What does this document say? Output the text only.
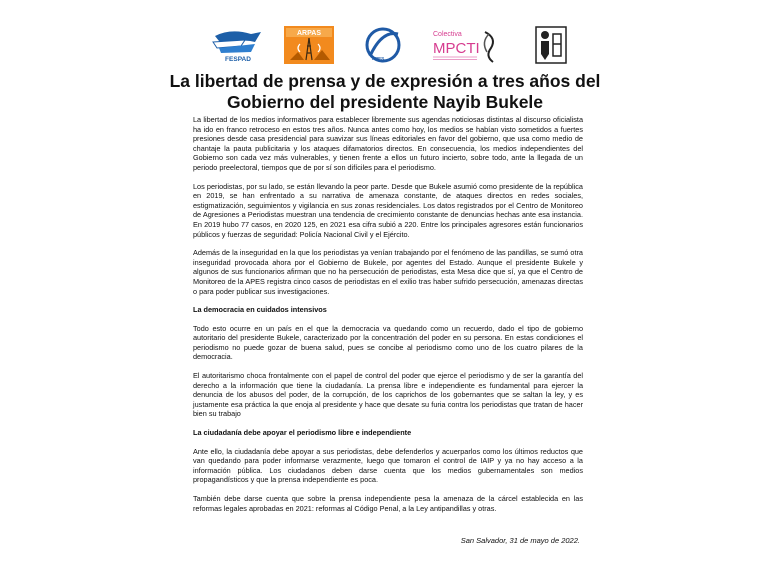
FESPAD
ARPAS
APES
Colectiva
MPCTI
La libertad de prensa y de expresión a tres años del Gobierno del presidente Nayib Bukele

La libertad de los medios informativos para establecer libremente sus agendas noticiosas distintas al discurso oficialista ha ido en franco retroceso en estos tres años. Nunca antes como hoy, los medios se habían visto sometidos a fuertes presiones desde casa presidencial para suavizar sus líneas editoriales en favor del gobierno, que usa como medio de chantaje la pauta publicitaria y los ataques difamatorios directos. En consecuencia, los medios independientes del Gobierno son cada vez más vulnerables, y tienen frente a ellos un futuro incierto, sobre todo, ante la llegada de un periodo preelectoral, tiempos que de por sí son difíciles para el periodismo.

Los periodistas, por su lado, se están llevando la peor parte. Desde que Bukele asumió como presidente de la república en 2019, se han enfrentado a su narrativa de amenaza constante, de ataques directos en redes sociales, estigmatización, seguimientos y vigilancia en sus zonas residenciales. Los datos registrados por el Centro de Monitoreo de Agresiones a Periodistas muestran una tendencia de crecimiento constante de denuncias hechas ante esa instancia. En 2019 hubo 77 casos, en 2020 125, en 2021 esa cifra subió a 220. Entre los principales agresores están funcionarios públicos y fuerzas de seguridad: Policía Nacional Civil y el Ejército.

Además de la inseguridad en la que los periodistas ya venían trabajando por el fenómeno de las pandillas, se sumó otra inseguridad provocada ahora por el Gobierno de Bukele, por agentes del Estado. Aunque el presidente Bukele y algunos de sus funcionarios afirman que no ha persecución de periodistas, esta Mesa dice que sí, ya que el Centro de Monitoreo de la APES registra cinco casos de periodistas en el exilio tras haber sufrido persecución, amenazas directas o para poder publicar sus investigaciones.

La democracia en cuidados intensivos

Todo esto ocurre en un país en el que la democracia va quedando como un recuerdo, dado el tipo de gobierno autoritario del presidente Bukele, caracterizado por la concentración del poder en su persona. En estas condiciones el periodismo no puede gozar de buena salud, pues se concibe al periodismo como uno de los cuatro pilares de la democracia.

El autoritarismo choca frontalmente con el papel de control del poder que ejerce el periodismo y de ser la garantía del derecho a la información que tiene la ciudadanía. La prensa libre e independiente es fundamental para ejercer la denuncia de los abusos del poder, de la corrupción, de los caprichos de los gobernantes que se saltan la ley, y es justamente esa práctica la que enoja al presidente y hace que desate su furia contra los periodistas que tratan de hacer bien su trabajo

La ciudadanía debe apoyar el periodismo libre e independiente

Ante ello, la ciudadanía debe apoyar a sus periodistas, debe defenderlos y acuerparlos como los últimos reductos que van quedando para poder informarse verazmente, luego que tomaron el control de IAIP y ya no hay acceso a la información pública. Los ciudadanos deben darse cuenta que los medios gubernamentales son medios propagandísticos y que la prensa independiente es poca.

También debe darse cuenta que sobre la prensa independiente pesa la amenaza de la cárcel establecida en las reformas legales aprobadas en 2021: reformas al Código Penal, a la Ley antipandillas y otras.

San Salvador, 31 de mayo de 2022.
